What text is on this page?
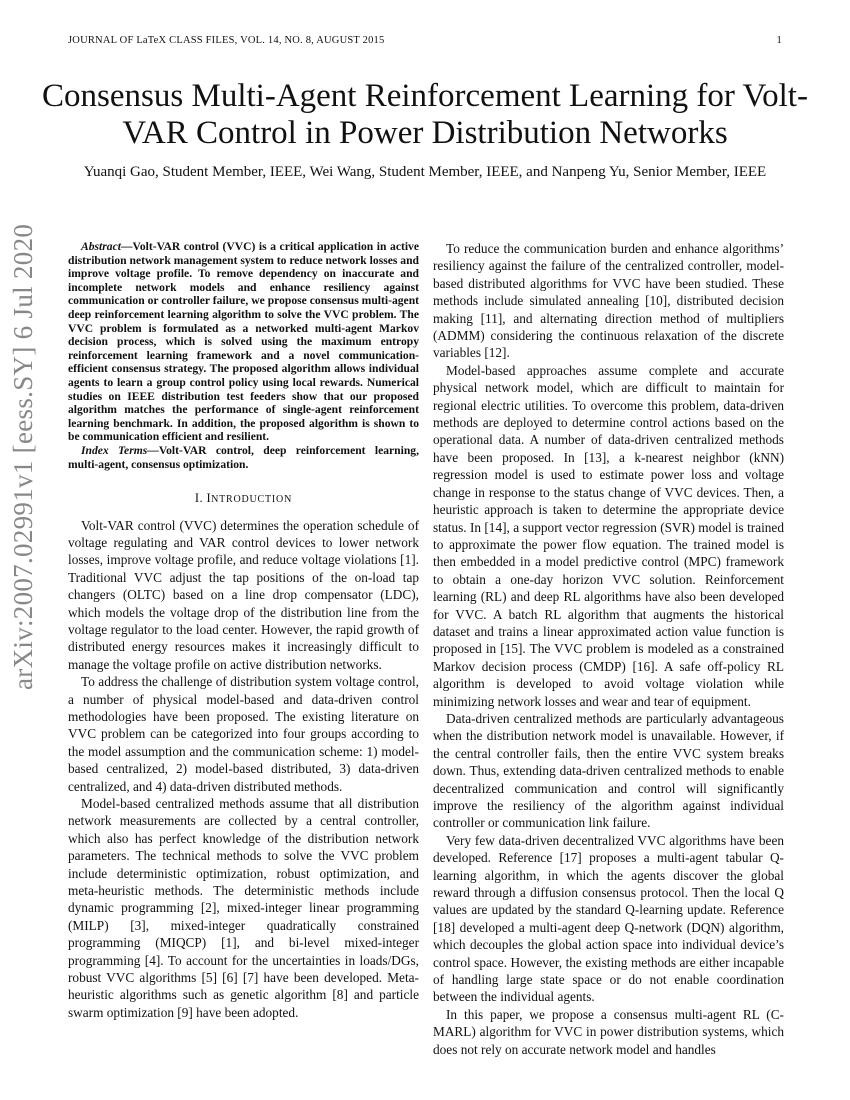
JOURNAL OF LaTeX CLASS FILES, VOL. 14, NO. 8, AUGUST 2015	1
Consensus Multi-Agent Reinforcement Learning for Volt-VAR Control in Power Distribution Networks
Yuanqi Gao, Student Member, IEEE, Wei Wang, Student Member, IEEE, and Nanpeng Yu, Senior Member, IEEE
arXiv:2007.02991v1 [eess.SY] 6 Jul 2020	Abstract—Volt-VAR control (VVC) is a critical application in active distribution network management system to reduce network losses and improve voltage profile. To remove dependency on inaccurate and incomplete network models and enhance resiliency against communication or controller failure, we propose consensus multi-agent deep reinforcement learning algorithm to solve the VVC problem. The VVC problem is formulated as a networked multi-agent Markov decision process, which is solved using the maximum entropy reinforcement learning framework and a novel communication-efficient consensus strategy. The proposed algorithm allows individual agents to learn a group control policy using local rewards. Numerical studies on IEEE distribution test feeders show that our proposed algorithm matches the performance of single-agent reinforcement learning benchmark. In addition, the proposed algorithm is shown to be communication efficient and resilient.

Index Terms—Volt-VAR control, deep reinforcement learning, multi-agent, consensus optimization.

I. INTRODUCTION

Volt-VAR control (VVC) determines the operation schedule of voltage regulating and VAR control devices to lower network losses, improve voltage profile, and reduce voltage violations [1]. Traditional VVC adjust the tap positions of the on-load tap changers (OLTC) based on a line drop compensator (LDC), which models the voltage drop of the distribution line from the voltage regulator to the load center. However, the rapid growth of distributed energy resources makes it increasingly difficult to manage the voltage profile on active distribution networks.

To address the challenge of distribution system voltage control, a number of physical model-based and data-driven control methodologies have been proposed. The existing literature on VVC problem can be categorized into four groups according to the model assumption and the communication scheme: 1) model-based centralized, 2) model-based distributed, 3) data-driven centralized, and 4) data-driven distributed methods.

Model-based centralized methods assume that all distribution network measurements are collected by a central controller, which also has perfect knowledge of the distribution network parameters. The technical methods to solve the VVC problem include deterministic optimization, robust optimization, and meta-heuristic methods. The deterministic methods include dynamic programming [2], mixed-integer linear programming (MILP) [3], mixed-integer quadratically constrained programming (MIQCP) [1], and bi-level mixed-integer programming [4]. To account for the uncertainties in loads/DGs, robust VVC algorithms [5] [6] [7] have been developed. Meta-heuristic algorithms such as genetic algorithm [8] and particle swarm optimization [9] have been adopted.

To reduce the communication burden and enhance algorithms’ resiliency against the failure of the centralized controller, model-based distributed algorithms for VVC have been studied. These methods include simulated annealing [10], distributed decision making [11], and alternating direction method of multipliers (ADMM) considering the continuous relaxation of the discrete variables [12].

Model-based approaches assume complete and accurate physical network model, which are difficult to maintain for regional electric utilities. To overcome this problem, data-driven methods are deployed to determine control actions based on the operational data. A number of data-driven centralized methods have been proposed. In [13], a k-nearest neighbor (kNN) regression model is used to estimate power loss and voltage change in response to the status change of VVC devices. Then, a heuristic approach is taken to determine the appropriate device status. In [14], a support vector regression (SVR) model is trained to approximate the power flow equation. The trained model is then embedded in a model predictive control (MPC) framework to obtain a one-day horizon VVC solution. Reinforcement learning (RL) and deep RL algorithms have also been developed for VVC. A batch RL algorithm that augments the historical dataset and trains a linear approximated action value function is proposed in [15]. The VVC problem is modeled as a constrained Markov decision process (CMDP) [16]. A safe off-policy RL algorithm is developed to avoid voltage violation while minimizing network losses and wear and tear of equipment.

Data-driven centralized methods are particularly advantageous when the distribution network model is unavailable. However, if the central controller fails, then the entire VVC system breaks down. Thus, extending data-driven centralized methods to enable decentralized communication and control will significantly improve the resiliency of the algorithm against individual controller or communication link failure.

Very few data-driven decentralized VVC algorithms have been developed. Reference [17] proposes a multi-agent tabular Q-learning algorithm, in which the agents discover the global reward through a diffusion consensus protocol. Then the local Q values are updated by the standard Q-learning update. Reference [18] developed a multi-agent deep Q-network (DQN) algorithm, which decouples the global action space into individual device’s control space. However, the existing methods are either incapable of handling large state space or do not enable coordination between the individual agents.

In this paper, we propose a consensus multi-agent RL (C-MARL) algorithm for VVC in power distribution systems, which does not rely on accurate network model and handles
